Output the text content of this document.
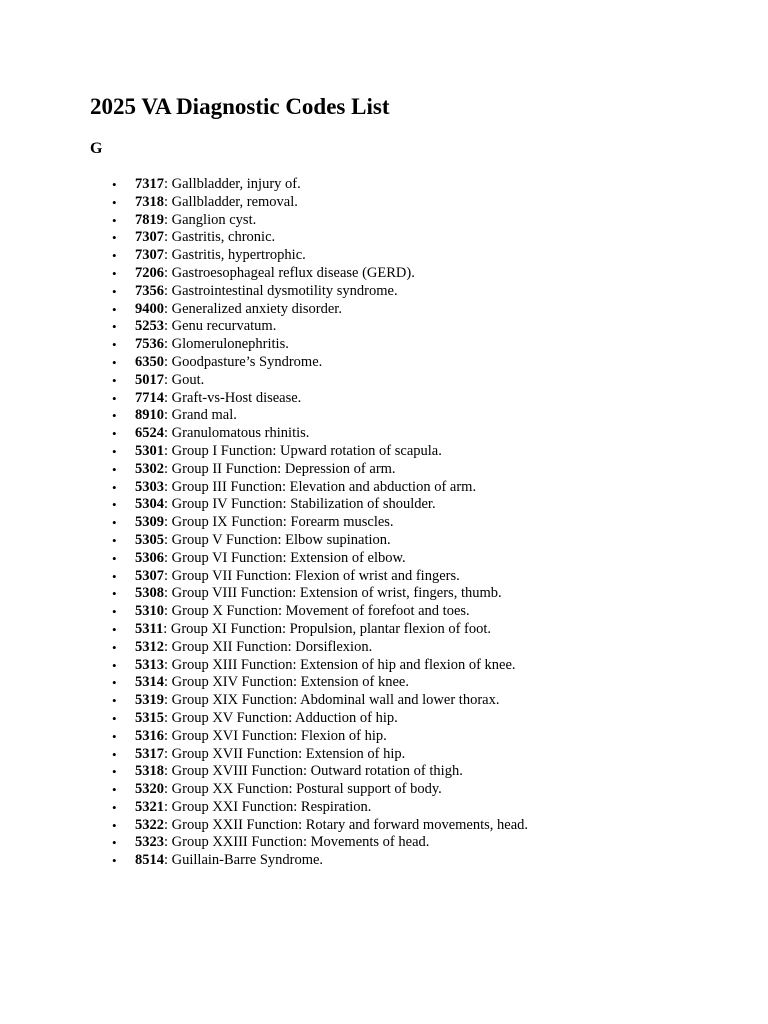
2025 VA Diagnostic Codes List
G
• 7317: Gallbladder, injury of.
• 7318: Gallbladder, removal.
• 7819: Ganglion cyst.
• 7307: Gastritis, chronic.
• 7307: Gastritis, hypertrophic.
• 7206: Gastroesophageal reflux disease (GERD).
• 7356: Gastrointestinal dysmotility syndrome.
• 9400: Generalized anxiety disorder.
• 5253: Genu recurvatum.
• 7536: Glomerulonephritis.
• 6350: Goodpasture’s Syndrome.
• 5017: Gout.
• 7714: Graft-vs-Host disease.
• 8910: Grand mal.
• 6524: Granulomatous rhinitis.
• 5301: Group I Function: Upward rotation of scapula.
• 5302: Group II Function: Depression of arm.
• 5303: Group III Function: Elevation and abduction of arm.
• 5304: Group IV Function: Stabilization of shoulder.
• 5309: Group IX Function: Forearm muscles.
• 5305: Group V Function: Elbow supination.
• 5306: Group VI Function: Extension of elbow.
• 5307: Group VII Function: Flexion of wrist and fingers.
• 5308: Group VIII Function: Extension of wrist, fingers, thumb.
• 5310: Group X Function: Movement of forefoot and toes.
• 5311: Group XI Function: Propulsion, plantar flexion of foot.
• 5312: Group XII Function: Dorsiflexion.
• 5313: Group XIII Function: Extension of hip and flexion of knee.
• 5314: Group XIV Function: Extension of knee.
• 5319: Group XIX Function: Abdominal wall and lower thorax.
• 5315: Group XV Function: Adduction of hip.
• 5316: Group XVI Function: Flexion of hip.
• 5317: Group XVII Function: Extension of hip.
• 5318: Group XVIII Function: Outward rotation of thigh.
• 5320: Group XX Function: Postural support of body.
• 5321: Group XXI Function: Respiration.
• 5322: Group XXII Function: Rotary and forward movements, head.
• 5323: Group XXIII Function: Movements of head.
• 8514: Guillain-Barre Syndrome.
